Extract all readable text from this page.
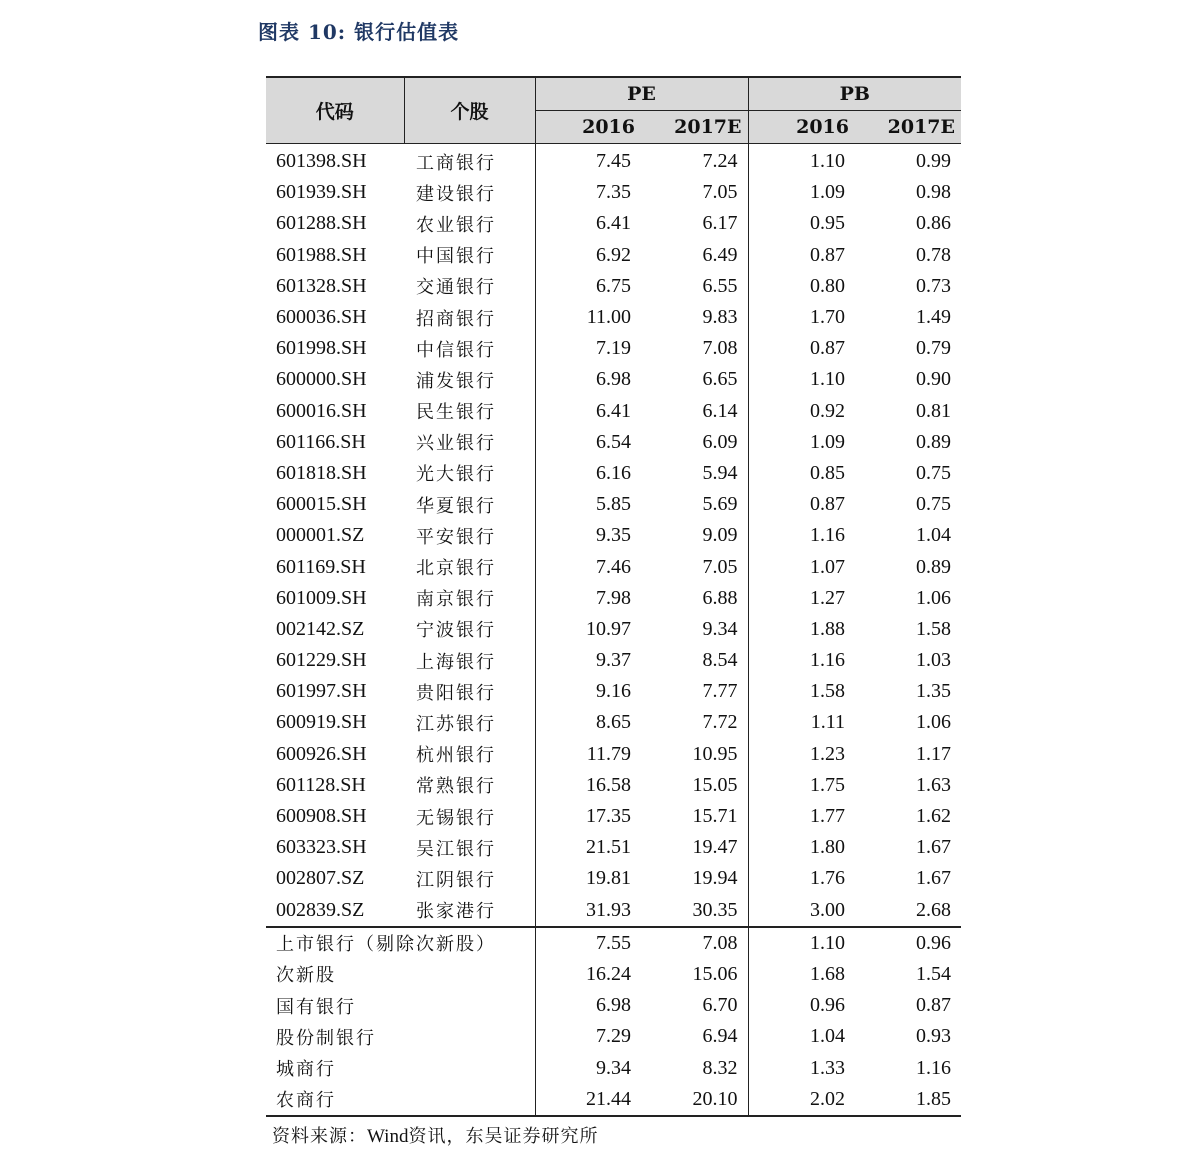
图表 10: 银行估值表
代码	个股	PE		PB	
		2016	2017E	2016	2017E
601398.SH	工商银行	7.45	7.24	1.10	0.99
601939.SH	建设银行	7.35	7.05	1.09	0.98
601288.SH	农业银行	6.41	6.17	0.95	0.86
601988.SH	中国银行	6.92	6.49	0.87	0.78
601328.SH	交通银行	6.75	6.55	0.80	0.73
600036.SH	招商银行	11.00	9.83	1.70	1.49
601998.SH	中信银行	7.19	7.08	0.87	0.79
600000.SH	浦发银行	6.98	6.65	1.10	0.90
600016.SH	民生银行	6.41	6.14	0.92	0.81
601166.SH	兴业银行	6.54	6.09	1.09	0.89
601818.SH	光大银行	6.16	5.94	0.85	0.75
600015.SH	华夏银行	5.85	5.69	0.87	0.75
000001.SZ	平安银行	9.35	9.09	1.16	1.04
601169.SH	北京银行	7.46	7.05	1.07	0.89
601009.SH	南京银行	7.98	6.88	1.27	1.06
002142.SZ	宁波银行	10.97	9.34	1.88	1.58
601229.SH	上海银行	9.37	8.54	1.16	1.03
601997.SH	贵阳银行	9.16	7.77	1.58	1.35
600919.SH	江苏银行	8.65	7.72	1.11	1.06
600926.SH	杭州银行	11.79	10.95	1.23	1.17
601128.SH	常熟银行	16.58	15.05	1.75	1.63
600908.SH	无锡银行	17.35	15.71	1.77	1.62
603323.SH	吴江银行	21.51	19.47	1.80	1.67
002807.SZ	江阴银行	19.81	19.94	1.76	1.67
002839.SZ	张家港行	31.93	30.35	3.00	2.68
上市银行（剔除次新股）		7.55	7.08	1.10	0.96
次新股		16.24	15.06	1.68	1.54
国有银行		6.98	6.70	0.96	0.87
股份制银行		7.29	6.94	1.04	0.93
城商行		9.34	8.32	1.33	1.16
农商行		21.44	20.10	2.02	1.85
资料来源：Wind资讯，东吴证券研究所
